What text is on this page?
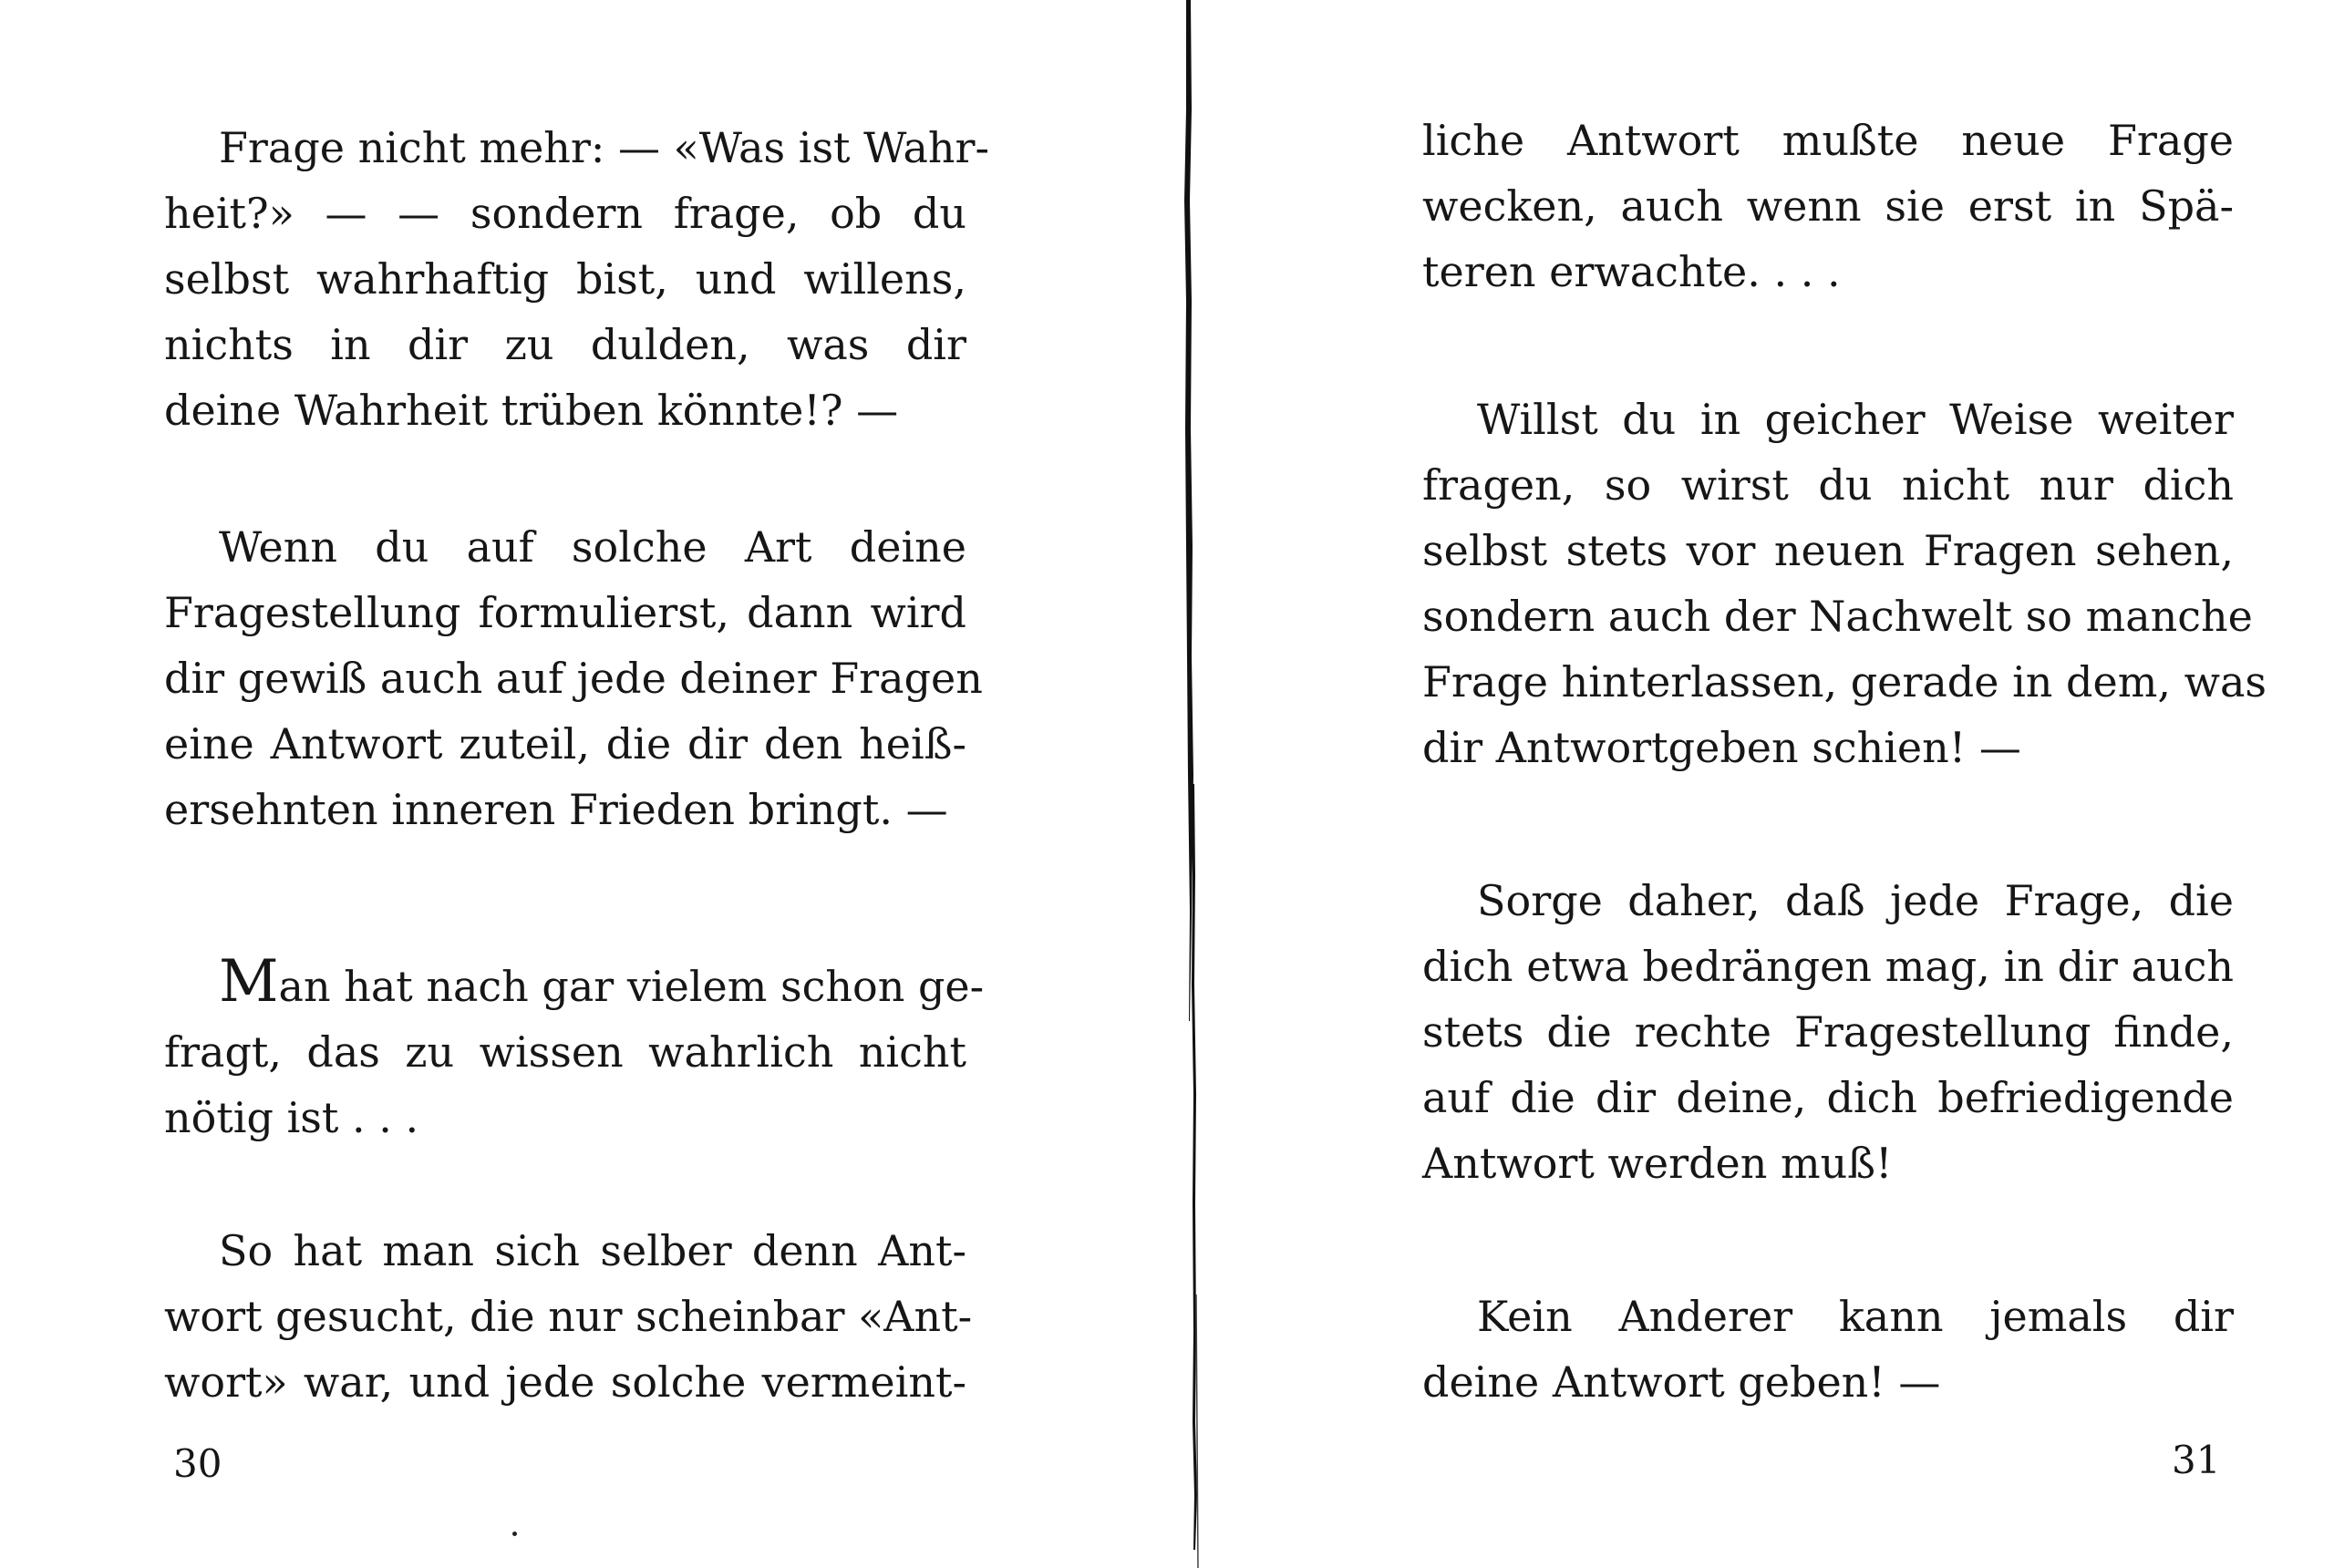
Frage nicht mehr: — «Was ist Wahr-
heit?» — — sondern frage, ob du
selbst wahrhaftig bist, und willens,
nichts in dir zu dulden, was dir
deine Wahrheit trüben könnte!? —
Wenn du auf solche Art deine
Fragestellung formulierst, dann wird
dir gewiß auch auf jede deiner Fragen
eine Antwort zuteil, die dir den heiß-
ersehnten inneren Frieden bringt. —
Man hat nach gar vielem schon ge-
fragt, das zu wissen wahrlich nicht
nötig ist . . .
So hat man sich selber denn Ant-
wort gesucht, die nur scheinbar «Ant-
wort» war, und jede solche vermeint-
30
liche Antwort mußte neue Frage
wecken, auch wenn sie erst in Spä-
teren erwachte. . . .
Willst du in geicher Weise weiter
fragen, so wirst du nicht nur dich
selbst stets vor neuen Fragen sehen,
sondern auch der Nachwelt so manche
Frage hinterlassen, gerade in dem, was
dir Antwortgeben schien! —
Sorge daher, daß jede Frage, die
dich etwa bedrängen mag, in dir auch
stets die rechte Fragestellung finde,
auf die dir deine, dich befriedigende
Antwort werden muß!
Kein Anderer kann jemals dir
deine Antwort geben! —
31
